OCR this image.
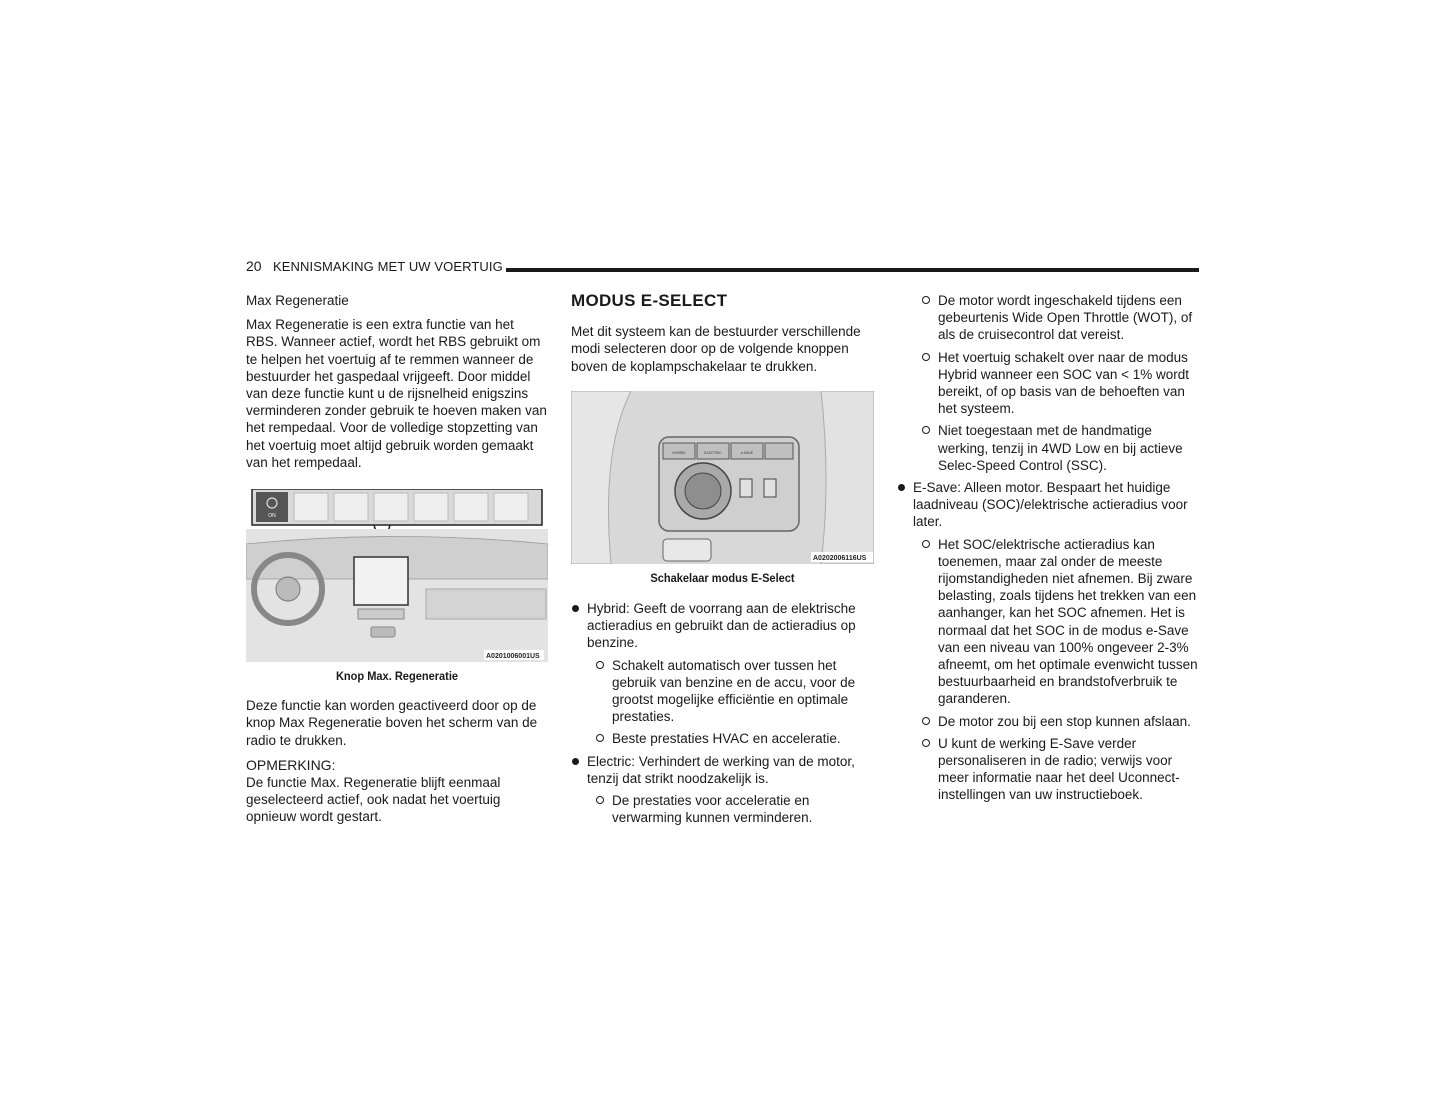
20 KENNISMAKING MET UW VOERTUIG

Max Regeneratie

Max Regeneratie is een extra functie van het RBS. Wanneer actief, wordt het RBS gebruikt om te helpen het voertuig af te remmen wanneer de bestuurder het gaspedaal vrijgeeft. Door middel van deze functie kunt u de rijsnelheid enigszins verminderen zonder gebruik te hoeven maken van het rempedaal. Voor de volledige stopzetting van het voertuig moet altijd gebruik worden gemaakt van het rempedaal.

ON
A0201006001US

Knop Max. Regeneratie

Deze functie kan worden geactiveerd door op de knop Max Regeneratie boven het scherm van de radio te drukken.

OPMERKING:

De functie Max. Regeneratie blijft eenmaal geselecteerd actief, ook nadat het voertuig opnieuw wordt gestart.

MODUS E-SELECT

Met dit systeem kan de bestuurder verschillende modi selecteren door op de volgende knoppen boven de koplampschakelaar te drukken.

HYBRID	ELECTRIC	e-SAVE
A0202006116US

Schakelaar modus E-Select

Hybrid: Geeft de voorrang aan de elektrische actieradius en gebruikt dan de actieradius op benzine.
Schakelt automatisch over tussen het gebruik van benzine en de accu, voor de grootst mogelijke efficiëntie en optimale prestaties.
Beste prestaties HVAC en acceleratie.
Electric: Verhindert de werking van de motor, tenzij dat strikt noodzakelijk is.
De prestaties voor acceleratie en verwarming kunnen verminderen.
De motor wordt ingeschakeld tijdens een gebeurtenis Wide Open Throttle (WOT), of als de cruisecontrol dat vereist.
Het voertuig schakelt over naar de modus Hybrid wanneer een SOC van < 1% wordt bereikt, of op basis van de behoeften van het systeem.
Niet toegestaan met de handmatige werking, tenzij in 4WD Low en bij actieve Selec-Speed Control (SSC).
E-Save: Alleen motor. Bespaart het huidige laadniveau (SOC)/elektrische actieradius voor later.
Het SOC/elektrische actieradius kan toenemen, maar zal onder de meeste rijomstandigheden niet afnemen. Bij zware belasting, zoals tijdens het trekken van een aanhanger, kan het SOC afnemen. Het is normaal dat het SOC in de modus e-Save van een niveau van 100% ongeveer 2-3% afneemt, om het optimale evenwicht tussen bestuurbaarheid en brandstofverbruik te garanderen.
De motor zou bij een stop kunnen afslaan.
U kunt de werking E-Save verder personaliseren in de radio; verwijs voor meer informatie naar het deel Uconnect-instellingen van uw instructieboek.
